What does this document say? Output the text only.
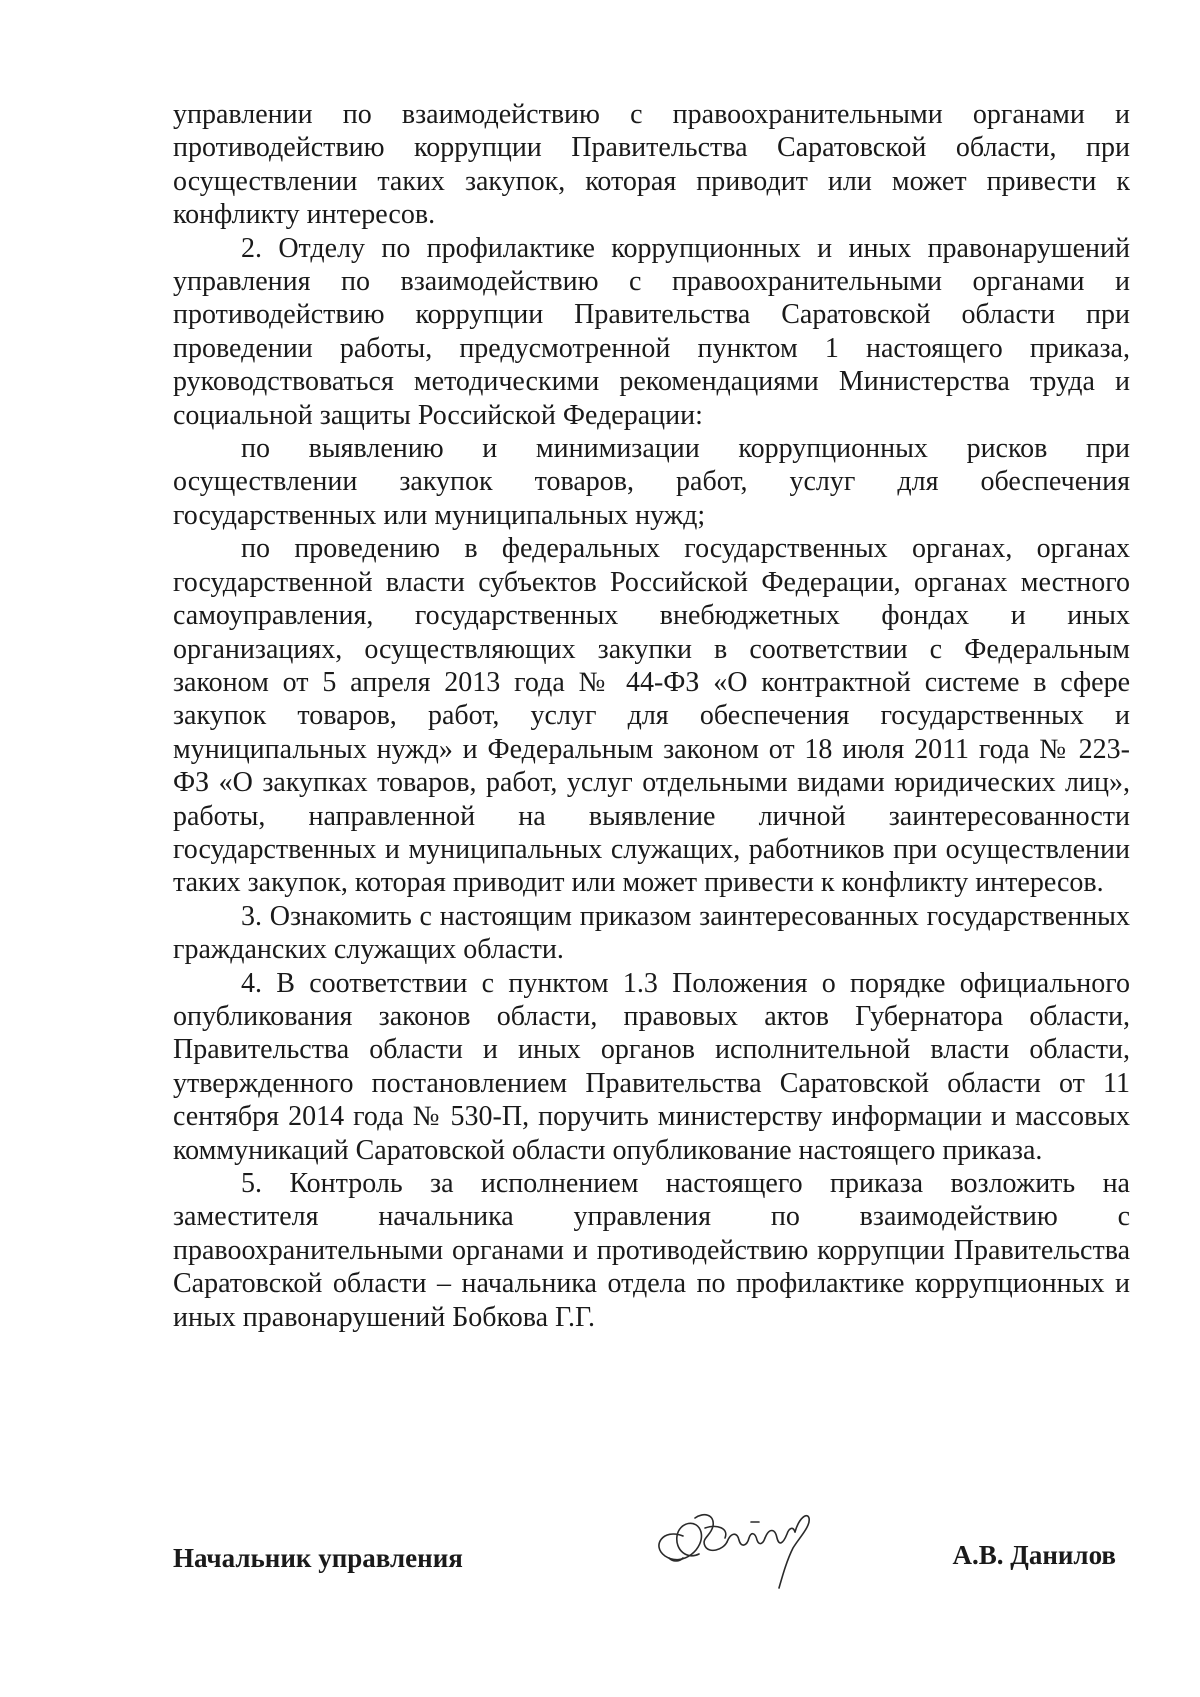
управлении по взаимодействию с правоохранительными органами и противодействию коррупции Правительства Саратовской области, при осуществлении таких закупок, которая приводит или может привести к конфликту интересов.

2. Отделу по профилактике коррупционных и иных правонарушений управления по взаимодействию с правоохранительными органами и противодействию коррупции Правительства Саратовской области при проведении работы, предусмотренной пунктом 1 настоящего приказа, руководствоваться методическими рекомендациями Министерства труда и социальной защиты Российской Федерации:

по выявлению и минимизации коррупционных рисков при осуществлении закупок товаров, работ, услуг для обеспечения государственных или муниципальных нужд;

по проведению в федеральных государственных органах, органах государственной власти субъектов Российской Федерации, органах местного самоуправления, государственных внебюджетных фондах и иных организациях, осуществляющих закупки в соответствии с Федеральным законом от 5 апреля 2013 года № 44-ФЗ «О контрактной системе в сфере закупок товаров, работ, услуг для обеспечения государственных и муниципальных нужд» и Федеральным законом от 18 июля 2011 года № 223-ФЗ «О закупках товаров, работ, услуг отдельными видами юридических лиц», работы, направленной на выявление личной заинтересованности государственных и муниципальных служащих, работников при осуществлении таких закупок, которая приводит или может привести к конфликту интересов.

3. Ознакомить с настоящим приказом заинтересованных государственных гражданских служащих области.

4. В соответствии с пунктом 1.3 Положения о порядке официального опубликования законов области, правовых актов Губернатора области, Правительства области и иных органов исполнительной власти области, утвержденного постановлением Правительства Саратовской области от 11 сентября 2014 года № 530-П, поручить министерству информации и массовых коммуникаций Саратовской области опубликование настоящего приказа.

5. Контроль за исполнением настоящего приказа возложить на заместителя начальника управления по взаимодействию с правоохранительными органами и противодействию коррупции Правительства Саратовской области – начальника отдела по профилактике коррупционных и иных правонарушений Бобкова Г.Г.

Начальник управления	А.В. Данилов
